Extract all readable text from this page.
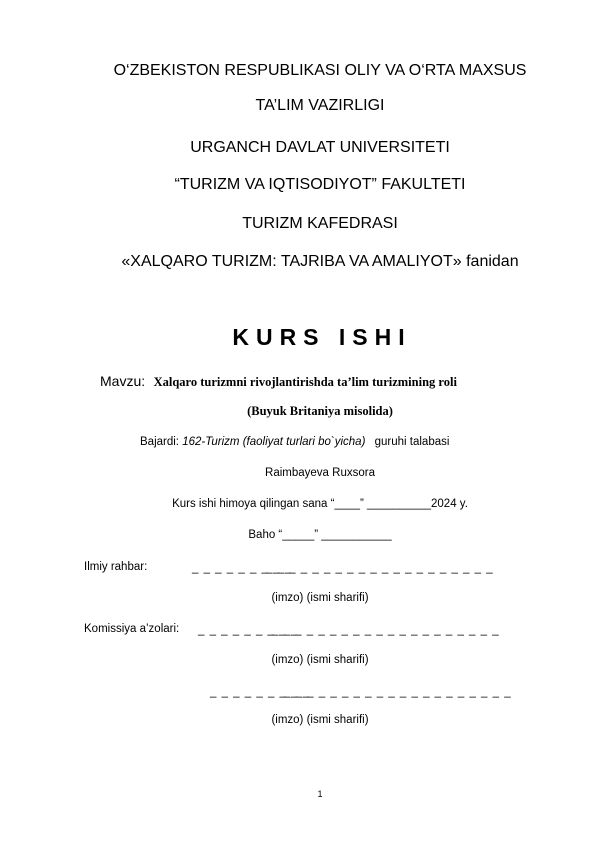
O‘ZBEKISTON RESPUBLIKASI OLIY VA O‘RTA MAXSUS
TA’LIM VAZIRLIGI
URGANCH DAVLAT UNIVERSITETI
“TURIZM VA IQTISODIYOT” FAKULTETI
TURIZM KAFEDRASI
«XALQARO TURIZM: TAJRIBA VA AMALIYOT» fanidan
KURS ISHI
Mavzu: Xalqaro turizmni rivojlantirishda ta’lim turizmining roli
(Buyuk Britaniya misolida)
Bajardi: 162-Turizm (faoliyat turlari bo`yicha) guruhi talabasi
Raimbayeva Ruxsora
Kurs ishi himoya qilingan sana “____” __________2024 y.
Baho “_____” ___________
Ilmiy rahbar:	_ _ _ _ _ _ _ _ _
_ _ _ _ _ _ _ _ _ _ _ _ _ _ _ _ _ _ _ _
(imzo) (ismi sharifi)
Komissiya a’zolari: _ _ _ _ _ _ _ _ _
_ _ _ _ _ _ _ _ _ _ _ _ _ _ _ _ _ _ _ _
(imzo) (ismi sharifi)
_ _ _ _ _ _ _ _ _
_ _ _ _ _ _ _ _ _ _ _ _ _ _ _ _ _ _ _ _
(imzo) (ismi sharifi)
1
